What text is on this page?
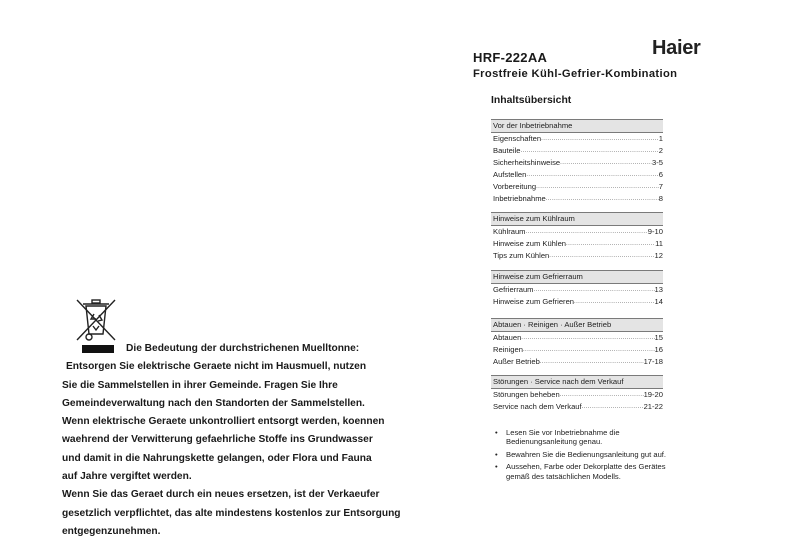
Die Bedeutung der durchstrichenen Muelltonne:
Entsorgen Sie elektrische Geraete nicht im Hausmuell, nutzen
Sie die Sammelstellen in ihrer Gemeinde. Fragen Sie Ihre
Gemeindeverwaltung nach den Standorten der Sammelstellen.
Wenn elektrische Geraete unkontrolliert entsorgt werden, koennen
waehrend der Verwitterung gefaehrliche Stoffe ins Grundwasser
und damit in die Nahrungskette gelangen, oder Flora und Fauna
auf Jahre vergiftet werden.
Wenn Sie das Geraet durch ein neues ersetzen, ist der Verkaeufer
gesetzlich verpflichtet, das alte mindestens kostenlos zur Entsorgung
entgegenzunehmen.
HRF-222AA	Haier
Frostfreie Kühl-Gefrier-Kombination
Inhaltsübersicht
Vor der Inbetriebnahme
Eigenschaften .....	1
Bauteile .....	2
Sicherheitshinweise .....	3-5
Aufstellen .....	6
Vorbereitung .....	7
Inbetriebnahme .....	8
Hinweise zum Kühlraum
Kühlraum .....	9-10
Hinweise zum Kühlen .....	11
Tips zum Kühlen .....	12
Hinweise zum Gefrierraum
Gefrierraum .....	13
Hinweise zum Gefrieren .....	14
Abtauen · Reinigen · Außer Betrieb
Abtauen .....	15
Reinigen .....	16
Außer Betrieb .....	17-18
Störungen · Service nach dem Verkauf
Störungen beheben .....	19-20
Service nach dem Verkauf .....	21-22
• Lesen Sie vor Inbetriebnahme die Bedienungsanleitung genau.
• Bewahren Sie die Bedienungsanleitung gut auf.
• Aussehen, Farbe oder Dekorplatte des Gerätes gemäß des tatsächlichen Modells.
